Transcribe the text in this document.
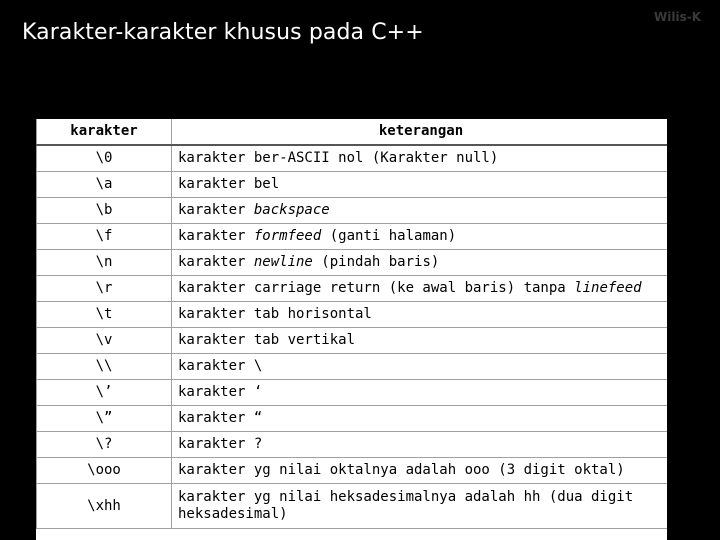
Karakter-karakter khusus pada C++
Wilis-K
karakter	keterangan
\0	karakter ber-ASCII nol (Karakter null)
\a	karakter bel
\b	karakter backspace
\f	karakter formfeed (ganti halaman)
\n	karakter newline (pindah baris)
\r	karakter carriage return (ke awal baris) tanpa linefeed
\t	karakter tab horisontal
\v	karakter tab vertikal
\\	karakter \
\’	karakter ‘
\”	karakter “
\?	karakter ?
\ooo	karakter yg nilai oktalnya adalah ooo (3 digit oktal)
\xhh	karakter yg nilai heksadesimalnya adalah hh (dua digit heksadesimal)
